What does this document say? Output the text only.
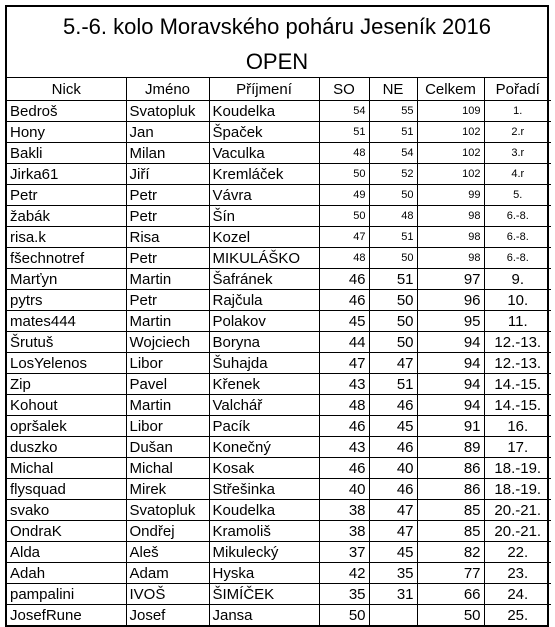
5.-6. kolo Moravského poháru Jeseník 2016
OPEN
Nick	Jméno	Příjmení	SO	NE	Celkem	Pořadí
Bedroš	Svatopluk	Koudelka	54	55	109	1.
Hony	Jan	Špaček	51	51	102	2.r
Bakli	Milan	Vaculka	48	54	102	3.r
Jirka61	Jiří	Kremláček	50	52	102	4.r
Petr	Petr	Vávra	49	50	99	5.
žabák	Petr	Šín	50	48	98	6.-8.
risa.k	Risa	Kozel	47	51	98	6.-8.
fšechnotref	Petr	MIKULÁŠKO	48	50	98	6.-8.
Marťyn	Martin	Šafránek	46	51	97	9.
pytrs	Petr	Rajčula	46	50	96	10.
mates444	Martin	Polakov	45	50	95	11.
Šrutuš	Wojciech	Boryna	44	50	94	12.-13.
LosYelenos	Libor	Šuhajda	47	47	94	12.-13.
Zip	Pavel	Křenek	43	51	94	14.-15.
Kohout	Martin	Valchář	48	46	94	14.-15.
opršalek	Libor	Pacík	46	45	91	16.
duszko	Dušan	Konečný	43	46	89	17.
Michal	Michal	Kosak	46	40	86	18.-19.
flysquad	Mirek	Střešinka	40	46	86	18.-19.
svako	Svatopluk	Koudelka	38	47	85	20.-21.
OndraK	Ondřej	Kramoliš	38	47	85	20.-21.
Alda	Aleš	Mikulecký	37	45	82	22.
Adah	Adam	Hyska	42	35	77	23.
pampalini	IVOŠ	ŠIMÍČEK	35	31	66	24.
JosefRune	Josef	Jansa	50		50	25.
